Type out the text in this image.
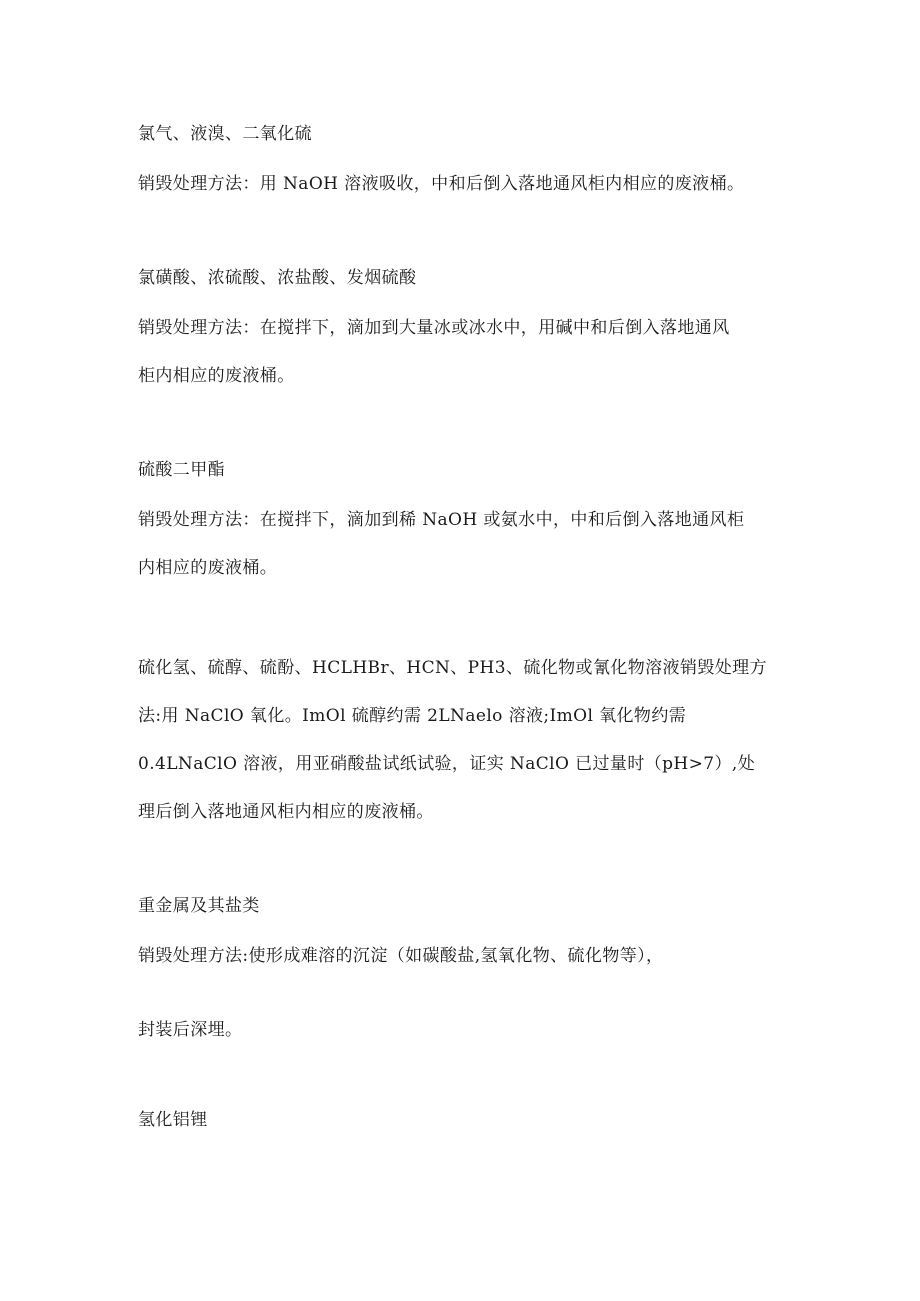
氯气、液溴、二氧化硫
销毁处理方法：用 NaOH 溶液吸收，中和后倒入落地通风柜内相应的废液桶。
氯磺酸、浓硫酸、浓盐酸、发烟硫酸
销毁处理方法：在搅拌下，滴加到大量冰或冰水中，用碱中和后倒入落地通风
柜内相应的废液桶。
硫酸二甲酯
销毁处理方法：在搅拌下，滴加到稀 NaOH 或氨水中，中和后倒入落地通风柜
内相应的废液桶。
硫化氢、硫醇、硫酚、HCLHBr、HCN、PH3、硫化物或氰化物溶液销毁处理方
法:用 NaClO 氧化。ImOl 硫醇约需 2LNaelo 溶液;ImOl 氧化物约需
0.4LNaClO 溶液，用亚硝酸盐试纸试验，证实 NaClO 已过量时（pH>7）,处
理后倒入落地通风柜内相应的废液桶。
重金属及其盐类
销毁处理方法:使形成难溶的沉淀（如碳酸盐,氢氧化物、硫化物等），
封装后深埋。
氢化铝锂
